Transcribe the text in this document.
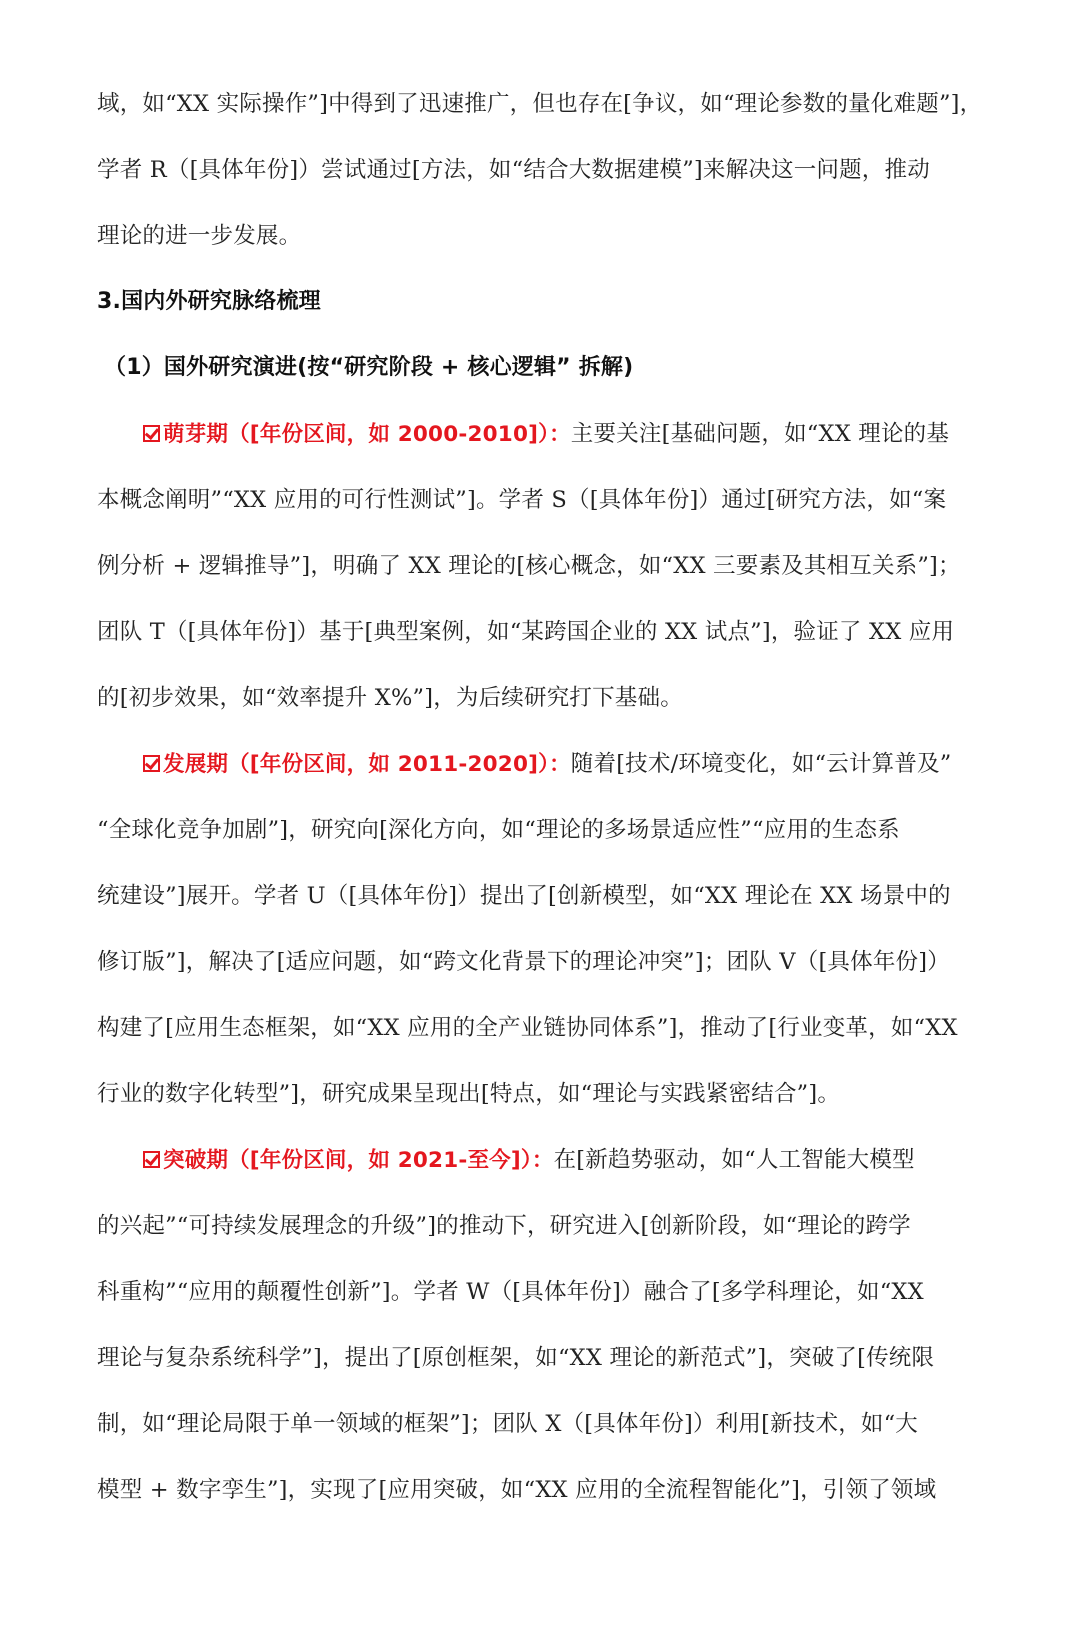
域，如“XX 实际操作”]中得到了迅速推广，但也存在[争议，如“理论参数的量化难题”]，
学者 R（[具体年份]）尝试通过[方法，如“结合大数据建模”]来解决这一问题，推动
理论的进一步发展。
3.国内外研究脉络梳理
（1）国外研究演进(按“研究阶段 + 核心逻辑” 拆解)
萌芽期（[年份区间，如 2000-2010]）：主要关注[基础问题，如“XX 理论的基
本概念阐明”“XX 应用的可行性测试”]。学者 S（[具体年份]）通过[研究方法，如“案
例分析 + 逻辑推导”]，明确了 XX 理论的[核心概念，如“XX 三要素及其相互关系”]；
团队 T（[具体年份]）基于[典型案例，如“某跨国企业的 XX 试点”]，验证了 XX 应用
的[初步效果，如“效率提升 X%”]，为后续研究打下基础。
发展期（[年份区间，如 2011-2020]）：随着[技术/环境变化，如“云计算普及”
“全球化竞争加剧”]，研究向[深化方向，如“理论的多场景适应性”“应用的生态系
统建设”]展开。学者 U（[具体年份]）提出了[创新模型，如“XX 理论在 XX 场景中的
修订版”]，解决了[适应问题，如“跨文化背景下的理论冲突”]；团队 V（[具体年份]）
构建了[应用生态框架，如“XX 应用的全产业链协同体系”]，推动了[行业变革，如“XX
行业的数字化转型”]，研究成果呈现出[特点，如“理论与实践紧密结合”]。
突破期（[年份区间，如 2021-至今]）：在[新趋势驱动，如“人工智能大模型
的兴起”“可持续发展理念的升级”]的推动下，研究进入[创新阶段，如“理论的跨学
科重构”“应用的颠覆性创新”]。学者 W（[具体年份]）融合了[多学科理论，如“XX
理论与复杂系统科学”]，提出了[原创框架，如“XX 理论的新范式”]，突破了[传统限
制，如“理论局限于单一领域的框架”]；团队 X（[具体年份]）利用[新技术，如“大
模型 + 数字孪生”]，实现了[应用突破，如“XX 应用的全流程智能化”]，引领了领域
